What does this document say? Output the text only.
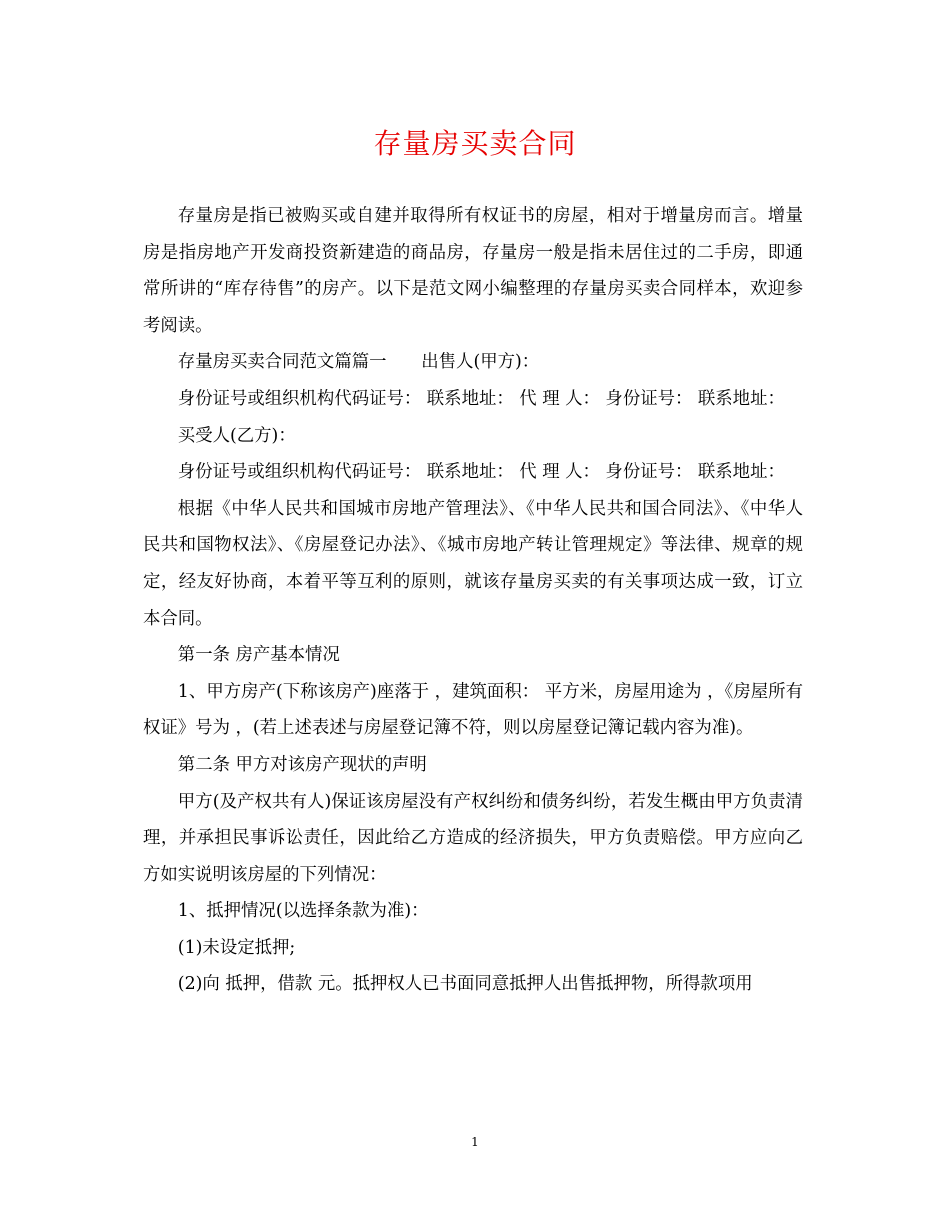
存量房买卖合同

存量房是指已被购买或自建并取得所有权证书的房屋，相对于增量房而言。增量房是指房地产开发商投资新建造的商品房，存量房一般是指未居住过的二手房，即通常所讲的“库存待售”的房产。以下是范文网小编整理的存量房买卖合同样本，欢迎参考阅读。

存量房买卖合同范文篇篇一　　出售人(甲方)：

身份证号或组织机构代码证号： 联系地址： 代 理 人： 身份证号： 联系地址：

买受人(乙方)：

身份证号或组织机构代码证号： 联系地址： 代 理 人： 身份证号： 联系地址：

根据《中华人民共和国城市房地产管理法》、《中华人民共和国合同法》、《中华人民共和国物权法》、《房屋登记办法》、《城市房地产转让管理规定》等法律、规章的规定，经友好协商，本着平等互利的原则，就该存量房买卖的有关事项达成一致，订立本合同。

第一条 房产基本情况

1、甲方房产(下称该房产)座落于 ，建筑面积： 平方米，房屋用途为 ，《房屋所有权证》号为 ，(若上述表述与房屋登记簿不符，则以房屋登记簿记载内容为准)。

第二条 甲方对该房产现状的声明

甲方(及产权共有人)保证该房屋没有产权纠纷和债务纠纷，若发生概由甲方负责清理，并承担民事诉讼责任，因此给乙方造成的经济损失，甲方负责赔偿。甲方应向乙方如实说明该房屋的下列情况：

1、抵押情况(以选择条款为准)：

(1)未设定抵押;

(2)向 抵押，借款 元。抵押权人已书面同意抵押人出售抵押物，所得款项用

1
